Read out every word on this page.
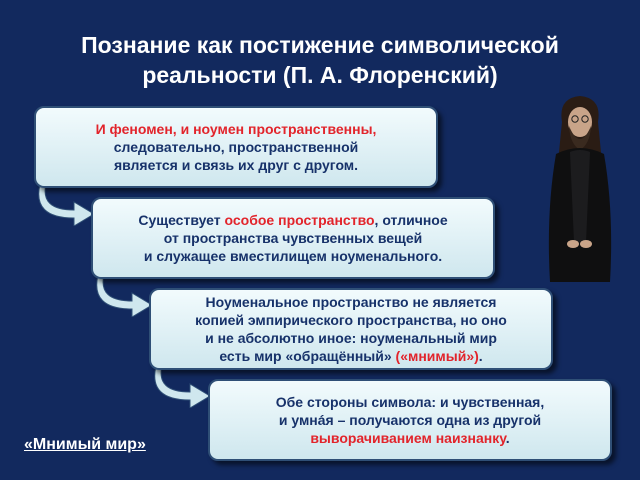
Познание как постижение символической
реальности (П. А. Флоренский)
И феномен, и ноумен пространственны,
следовательно, пространственной
является и связь их друг с другом.
Существует особое пространство, отличное
от пространства чувственных вещей
и служащее вместилищем ноуменального.
Ноуменальное пространство не является
копией эмпирического пространства, но оно
и не абсолютно иное: ноуменальный мир
есть мир «обращённый» («мнимый»).
Обе стороны символа: и чувственная,
и умнáя – получаются одна из другой
выворачиванием наизнанку.
«Мнимый мир»
